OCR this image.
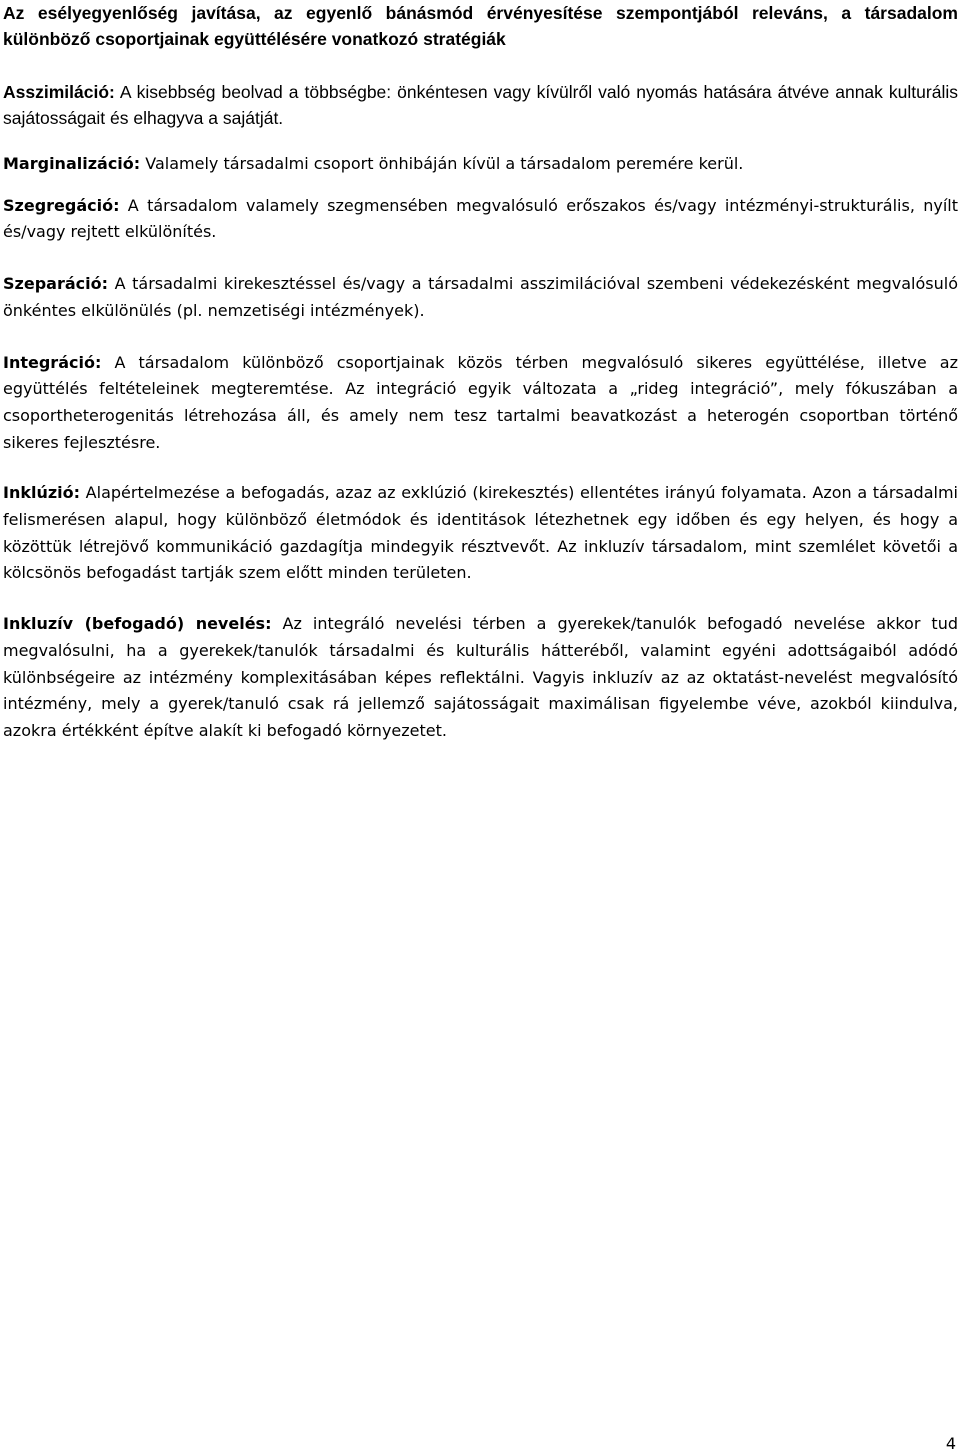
Az esélyegyenlőség javítása, az egyenlő bánásmód érvényesítése szempontjából releváns, a társadalom különböző csoportjainak együttélésére vonatkozó stratégiák

Asszimiláció: A kisebbség beolvad a többségbe: önkéntesen vagy kívülről való nyomás hatására átvéve annak kulturális sajátosságait és elhagyva a sajátját.

Marginalizáció: Valamely társadalmi csoport önhibáján kívül a társadalom peremére kerül.

Szegregáció: A társadalom valamely szegmensében megvalósuló erőszakos és/vagy intézményi-strukturális, nyílt és/vagy rejtett elkülönítés.

Szeparáció: A társadalmi kirekesztéssel és/vagy a társadalmi asszimilációval szembeni védekezésként megvalósuló önkéntes elkülönülés (pl. nemzetiségi intézmények).

Integráció: A társadalom különböző csoportjainak közös térben megvalósuló sikeres együttélése, illetve az együttélés feltételeinek megteremtése. Az integráció egyik változata a „rideg integráció”, mely fókuszában a csoportheterogenitás létrehozása áll, és amely nem tesz tartalmi beavatkozást a heterogén csoportban történő sikeres fejlesztésre.

Inklúzió: Alapértelmezése a befogadás, azaz az exklúzió (kirekesztés) ellentétes irányú folyamata. Azon a társadalmi felismerésen alapul, hogy különböző életmódok és identitások létezhetnek egy időben és egy helyen, és hogy a közöttük létrejövő kommunikáció gazdagítja mindegyik résztvevőt. Az inkluzív társadalom, mint szemlélet követői a kölcsönös befogadást tartják szem előtt minden területen.

Inkluzív (befogadó) nevelés: Az integráló nevelési térben a gyerekek/tanulók befogadó nevelése akkor tud megvalósulni, ha a gyerekek/tanulók társadalmi és kulturális hátteréből, valamint egyéni adottságaiból adódó különbségeire az intézmény komplexitásában képes reflektálni. Vagyis inkluzív az az oktatást-nevelést megvalósító intézmény, mely a gyerek/tanuló csak rá jellemző sajátosságait maximálisan figyelembe véve, azokból kiindulva, azokra értékként építve alakít ki befogadó környezetet.

4
